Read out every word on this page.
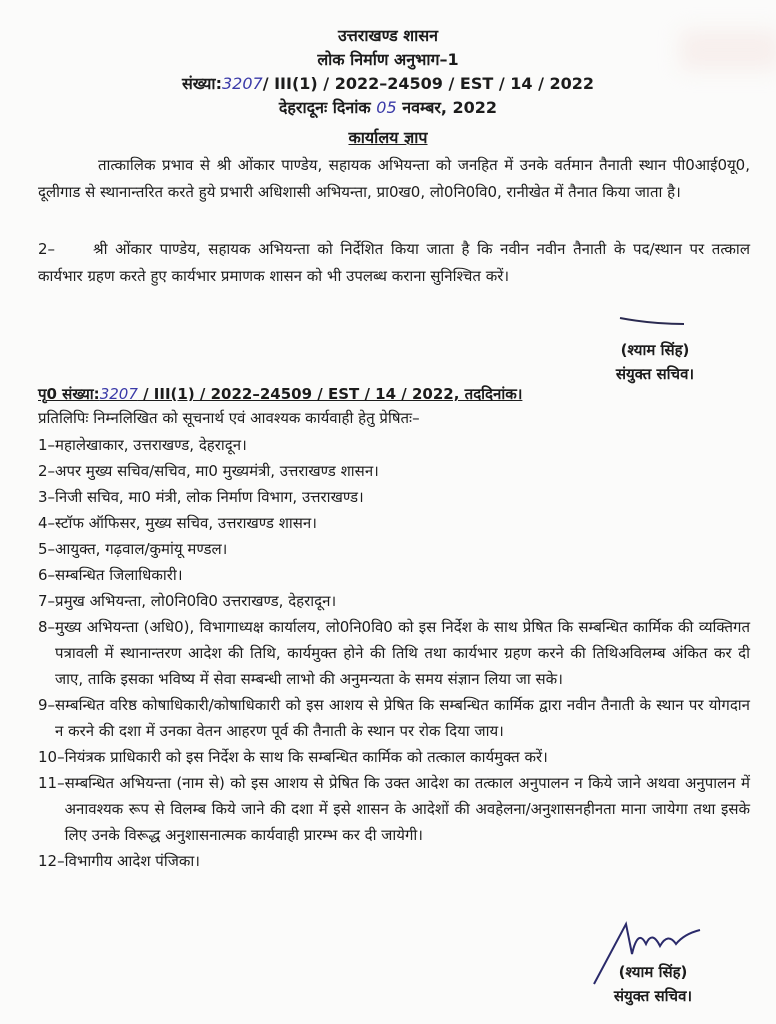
उत्तराखण्ड शासन
लोक निर्माण अनुभाग–1
संख्या:3207/ III(1) / 2022–24509 / EST / 14 / 2022
देहरादूनः दिनांक 05 नवम्बर, 2022
कार्यालय ज्ञाप
तात्कालिक प्रभाव से श्री ओंकार पाण्डेय, सहायक अभियन्ता को जनहित में उनके वर्तमान तैनाती स्थान पी0आई0यू0, दूलीगाड से स्थानान्तरित करते हुये प्रभारी अधिशासी अभियन्ता, प्रा0ख0, लो0नि0वि0, रानीखेत में तैनात किया जाता है।
2–	श्री ओंकार पाण्डेय, सहायक अभियन्ता को निर्देशित किया जाता है कि नवीन नवीन तैनाती के पद/स्थान पर तत्काल कार्यभार ग्रहण करते हुए कार्यभार प्रमाणक शासन को भी उपलब्ध कराना सुनिश्चित करें।
(श्याम सिंह)
संयुक्त सचिव।
पृ0 संख्या:3207 / III(1) / 2022–24509 / EST / 14 / 2022, तददिनांक।
प्रतिलिपिः निम्नलिखित को सूचनार्थ एवं आवश्यक कार्यवाही हेतु प्रेषितः–
1– महालेखाकार, उत्तराखण्ड, देहरादून।
2– अपर मुख्य सचिव/सचिव, मा0 मुख्यमंत्री, उत्तराखण्ड शासन।
3– निजी सचिव, मा0 मंत्री, लोक निर्माण विभाग, उत्तराखण्ड।
4– स्टॉफ ऑफिसर, मुख्य सचिव, उत्तराखण्ड शासन।
5– आयुक्त, गढ़वाल/कुमांयू मण्डल।
6– सम्बन्धित जिलाधिकारी।
7– प्रमुख अभियन्ता, लो0नि0वि0 उत्तराखण्ड, देहरादून।
8– मुख्य अभियन्ता (अधि0), विभागाध्यक्ष कार्यालय, लो0नि0वि0 को इस निर्देश के साथ प्रेषित कि सम्बन्धित कार्मिक की व्यक्तिगत पत्रावली में स्थानान्तरण आदेश की तिथि, कार्यमुक्त होने की तिथि तथा कार्यभार ग्रहण करने की तिथिअविलम्ब अंकित कर दी जाए, ताकि इसका भविष्य में सेवा सम्बन्धी लाभो की अनुमन्यता के समय संज्ञान लिया जा सके।
9– सम्बन्धित वरिष्ठ कोषाधिकारी/कोषाधिकारी को इस आशय से प्रेषित कि सम्बन्धित कार्मिक द्वारा नवीन तैनाती के स्थान पर योगदान न करने की दशा में उनका वेतन आहरण पूर्व की तैनाती के स्थान पर रोक दिया जाय।
10– नियंत्रक प्राधिकारी को इस निर्देश के साथ कि सम्बन्धित कार्मिक को तत्काल कार्यमुक्त करें।
11– सम्बन्धित अभियन्ता (नाम से) को इस आशय से प्रेषित कि उक्त आदेश का तत्काल अनुपालन न किये जाने अथवा अनुपालन में अनावश्यक रूप से विलम्ब किये जाने की दशा में इसे शासन के आदेशों की अवहेलना/अनुशासनहीनता माना जायेगा तथा इसके लिए उनके विरूद्ध अनुशासनात्मक कार्यवाही प्रारम्भ कर दी जायेगी।
12– विभागीय आदेश पंजिका।
(श्याम सिंह)
संयुक्त सचिव।
